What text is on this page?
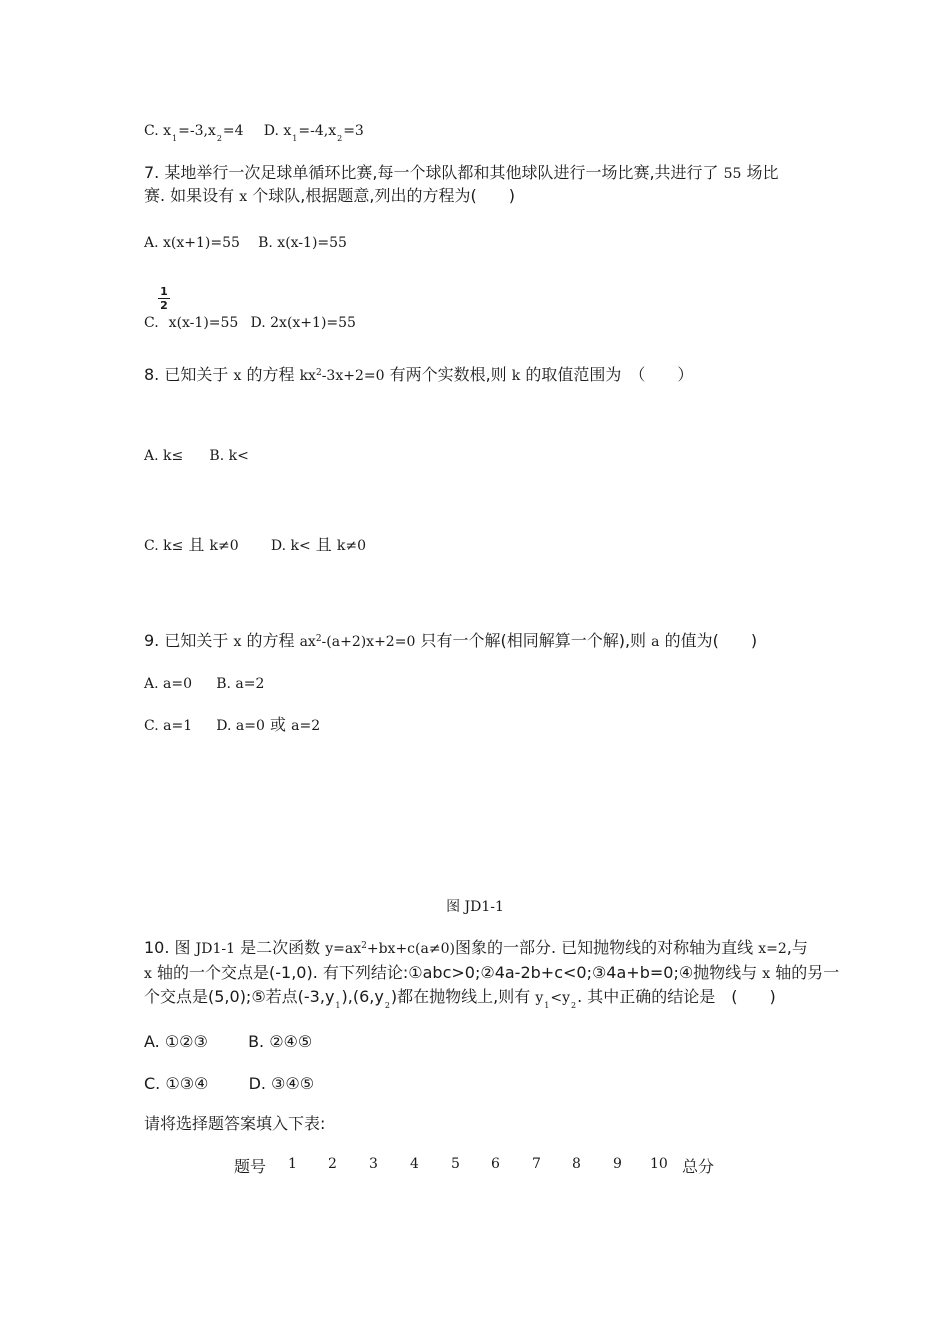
C. $x_1=-3,x_2=4$ D. $x_1=-4,x_2=3$
7. 某地举行一次足球单循环比赛,每一个球队都和其他球队进行一场比赛,共进行了 55 场比
赛. 如果设有 x 个球队,根据题意,列出的方程为(　　)
A. x(x+1)=55 B. x(x-1)=55
1
2
C. x(x-1)=55 D. 2x(x+1)=55
8. 已知关于 x 的方程 $kx^2-3x+2=0$ 有两个实数根,则 k 的取值范围为　（　　）
A. k≤ B. k<
C. k≤ 且 k≠0 D. k< 且 k≠0
9. 已知关于 x 的方程 $ax^2-(a+2)x+2=0$ 只有一个解(相同解算一个解),则 a 的值为(　　)
A. a=0 B. a=2
C. a=1 D. a=0 或 a=2
图 JD1-1
10. 图 JD1-1 是二次函数 $y=ax^2+bx+c(a\ne 0)$图象的一部分. 已知抛物线的对称轴为直线 x=2,与
x 轴的一个交点是(-1,0). 有下列结论:①abc>0;②4a-2b+c<0;③4a+b=0;④抛物线与 x 轴的另一
个交点是(5,0);⑤若点$(-3,y_1),(6,y_2)$都在抛物线上,则有 $y_1<y_2$. 其中正确的结论是　(　　)
A. ①②③	B. ②④⑤
C. ①③④	D. ③④⑤
请将选择题答案填入下表:
题号 1 2 3 4 5 6 7 8 9 10 总分
